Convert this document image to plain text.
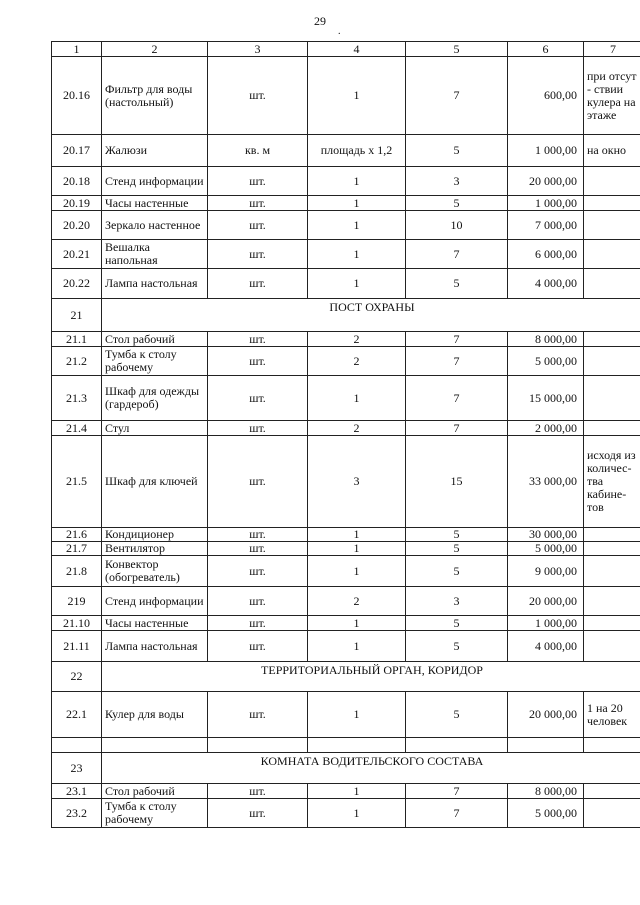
29
.
1	2	3	4	5	6	7
20.16	Фильтр для воды (настольный)	шт.	1	7	600,00	при отсут - ствии кулера на этаже
20.17	Жалюзи	кв. м	площадь х 1,2	5	1 000,00	на окно
20.18	Стенд информации	шт.	1	3	20 000,00	
20.19	Часы настенные	шт.	1	5	1 000,00	
20.20	Зеркало настенное	шт.	1	10	7 000,00	
20.21	Вешалка напольная	шт.	1	7	6 000,00	
20.22	Лампа настольная	шт.	1	5	4 000,00	
21	ПОСТ ОХРАНЫ					
21.1	Стол рабочий	шт.	2	7	8 000,00	
21.2	Тумба к столу рабочему	шт.	2	7	5 000,00	
21.3	Шкаф для одежды (гардероб)	шт.	1	7	15 000,00	
21.4	Стул	шт.	2	7	2 000,00	
21.5	Шкаф для ключей	шт.	3	15	33 000,00	исходя из количес- тва кабине- тов
21.6	Кондиционер	шт.	1	5	30 000,00	
21.7	Вентилятор	шт.	1	5	5 000,00	
21.8	Конвектор (обогреватель)	шт.	1	5	9 000,00	
219	Стенд информации	шт.	2	3	20 000,00	
21.10	Часы настенные	шт.	1	5	1 000,00	
21.11	Лампа настольная	шт.	1	5	4 000,00	
22	ТЕРРИТОРИАЛЬНЫЙ ОРГАН, КОРИДОР					
22.1	Кулер для воды	шт.	1	5	20 000,00	1 на 20 человек

23	КОМНАТА ВОДИТЕЛЬСКОГО СОСТАВА					
23.1	Стол рабочий	шт.	1	7	8 000,00	
23.2	Тумба к столу рабочему	шт.	1	7	5 000,00	
